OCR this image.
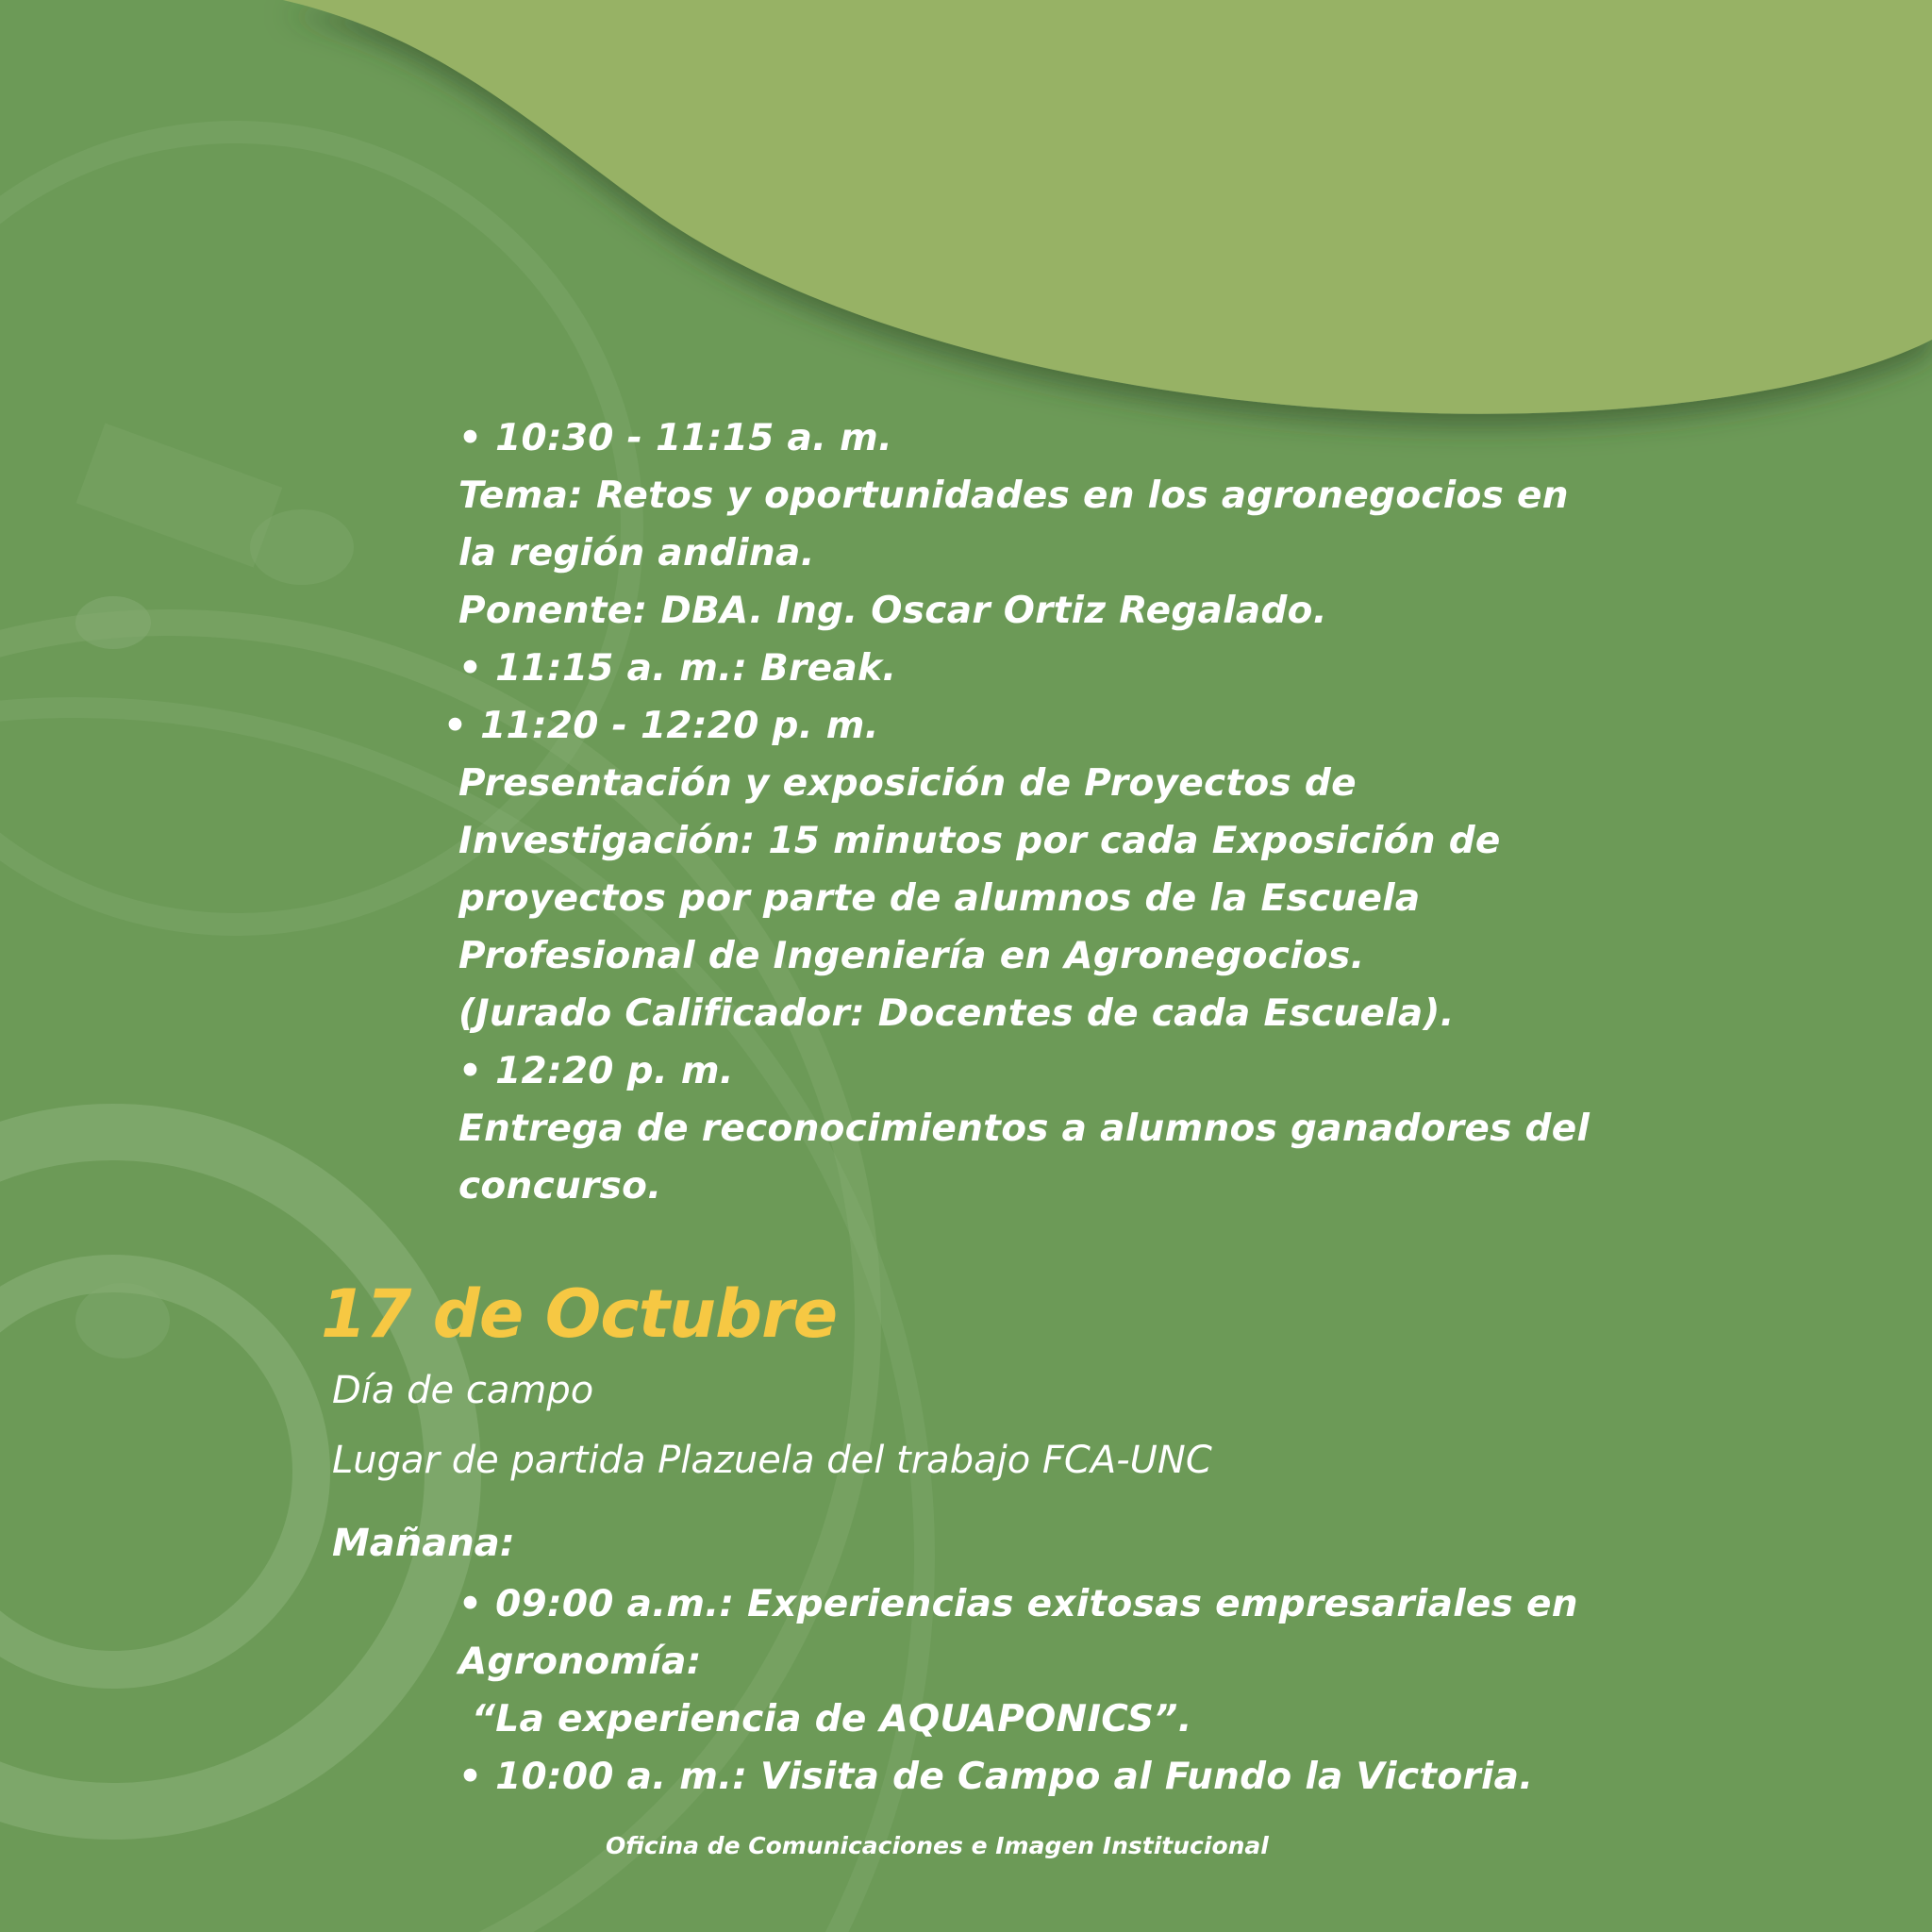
• 10:30 - 11:15 a. m.
Tema: Retos y oportunidades en los agronegocios en
la región andina.
Ponente: DBA. Ing. Oscar Ortiz Regalado.
• 11:15 a. m.: Break.
• 11:20 - 12:20 p. m.
Presentación y exposición de Proyectos de
Investigación: 15 minutos por cada Exposición de
proyectos por parte de alumnos de la Escuela
Profesional de Ingeniería en Agronegocios.
(Jurado Calificador: Docentes de cada Escuela).
• 12:20 p. m.
Entrega de reconocimientos a alumnos ganadores del
concurso.
17 de Octubre
Día de campo
Lugar de partida Plazuela del trabajo FCA-UNC
Mañana:
• 09:00 a.m.: Experiencias exitosas empresariales en
Agronomía:
“La experiencia de AQUAPONICS”.
• 10:00 a. m.: Visita de Campo al Fundo la Victoria.
Oficina de Comunicaciones e Imagen Institucional
